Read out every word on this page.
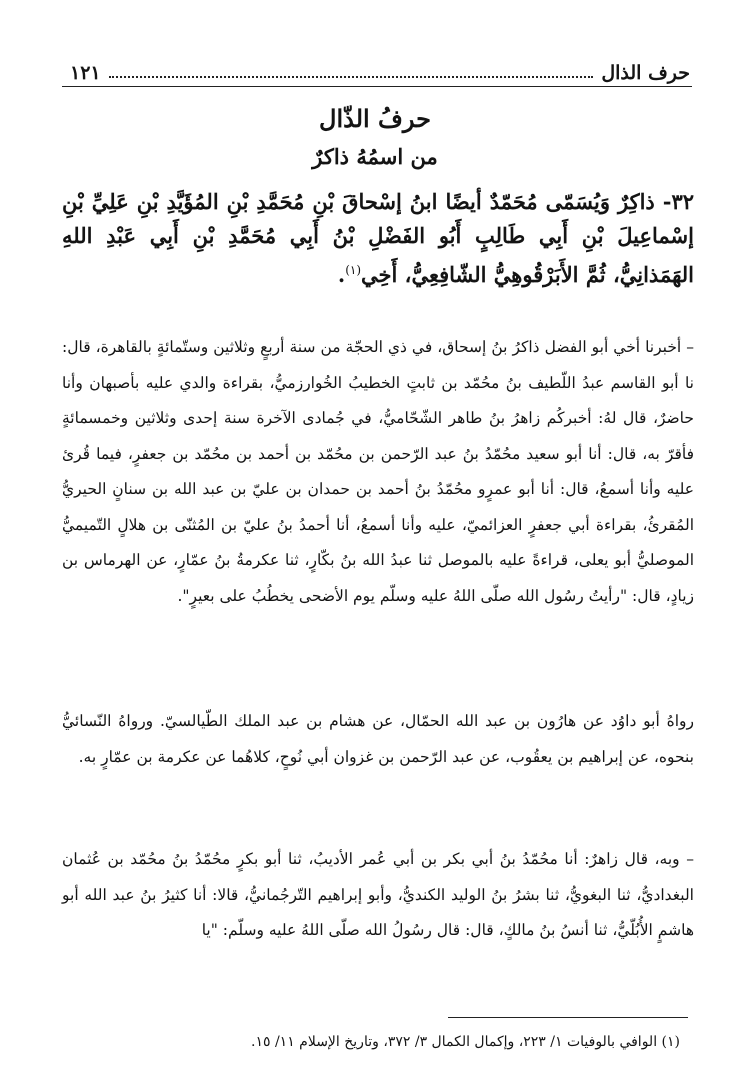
حرف الذال
١٢١
حرفُ الذّال
من اسمُهُ ذاكرٌ
٣٢- ذاكِرٌ وَيُسَمّى مُحَمّدٌ أيضًا ابنُ إسْحاقَ بْنِ مُحَمَّدِ بْنِ المُؤَيَّدِ بْنِ عَلِيِّ بْنِ إسْماعِيلَ بْنِ أَبِي طَالِبٍ أَبُو الفَضْلِ بْنُ أَبِي مُحَمَّدِ بْنِ أَبِي عَبْدِ اللهِ الهَمَذانِيُّ، ثُمَّ الأَبَرْقُوهِيُّ الشّافِعِيُّ، أَخِي$^{(١)}$.

– أخبرنا أخي أبو الفضل ذاكرُ بنُ إسحاق، في ذي الحجّة من سنة أربعٍ وثلاثين وستّمائةٍ بالقاهرة، قال: نا أبو القاسم عبدُ اللّطيف بنُ محُمّد بن ثابتٍ الخطيبُ الخُوارزميُّ، بقراءة والدي عليه بأصبهان وأنا حاضرٌ، قال لهُ: أخبركُم زاهرُ بنُ طاهر الشّحّاميُّ، في جُمادى الآخرة سنة إحدى وثلاثين وخمسمائةٍ فأقرّ به، قال: أنا أبو سعيد محُمّدُ بنُ عبد الرّحمن بن محُمّد بن أحمد بن محُمّد بن جعفرٍ، فيما قُرئ عليه وأنا أسمعُ، قال: أنا أبو عمرٍو محُمّدُ بنُ أحمد بن حمدان بن عليّ بن عبد الله بن سنانٍ الحيريُّ المُقرئُ، بقراءة أبي جعفرٍ العزائميّ، عليه وأنا أسمعُ، أنا أحمدُ بنُ عليّ بن المُثنّى بن هلالٍ التّميميُّ الموصليُّ أبو يعلى، قراءةً عليه بالموصل ثنا عبدُ الله بنُ بكّارٍ، ثنا عكرمةُ بنُ عمّارٍ، عن الهرماس بن زيادٍ، قال: "رأيتُ رسُول الله صلّى اللهُ عليه وسلّم يوم الأضحى يخطُبُ على بعيرٍ".

رواهُ أبو داوُد عن هارُون بن عبد الله الحمّال، عن هشام بن عبد الملك الطّيالسيّ. ورواهُ النّسائيُّ بنحوه، عن إبراهيم بن يعقُوب، عن عبد الرّحمن بن غزوان أبي نُوحٍ، كلاهُما عن عكرمة بن عمّارٍ به.

– وبه، قال زاهرٌ: أنا محُمّدُ بنُ أبي بكر بن أبي عُمر الأديبُ، ثنا أبو بكرٍ محُمّدُ بنُ محُمّد بن عُثمان البغداديُّ، ثنا البغويُّ، ثنا بشرُ بنُ الوليد الكنديُّ، وأبو إبراهيم التّرجُمانيُّ، قالا: أنا كثيرُ بنُ عبد الله أبو هاشمٍ الأُبُلّيُّ، ثنا أنسُ بنُ مالكٍ، قال: قال رسُولُ الله صلّى اللهُ عليه وسلّم: "يا

(١) الوافي بالوفيات ١/ ٢٢٣، وإكمال الكمال ٣/ ٣٧٢، وتاريخ الإسلام ١١/ ١٥.
